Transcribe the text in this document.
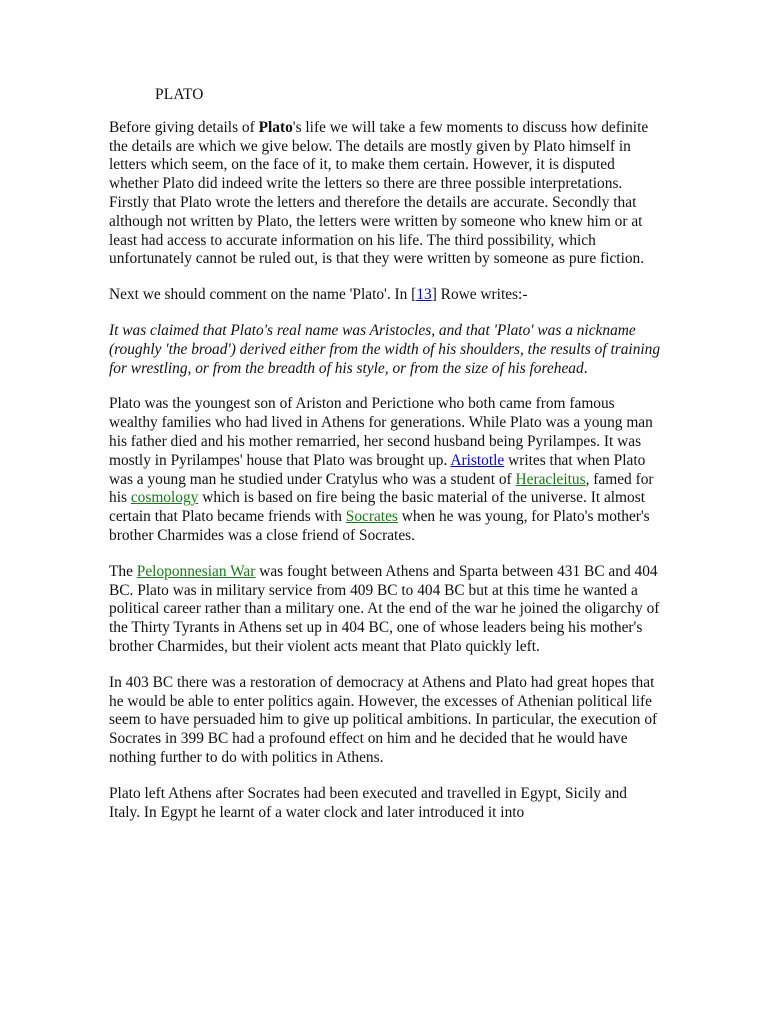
PLATO

Before giving details of Plato's life we will take a few moments to discuss how definite the details are which we give below. The details are mostly given by Plato himself in letters which seem, on the face of it, to make them certain. However, it is disputed whether Plato did indeed write the letters so there are three possible interpretations. Firstly that Plato wrote the letters and therefore the details are accurate. Secondly that although not written by Plato, the letters were written by someone who knew him or at least had access to accurate information on his life. The third possibility, which unfortunately cannot be ruled out, is that they were written by someone as pure fiction.

Next we should comment on the name 'Plato'. In [13] Rowe writes:-

It was claimed that Plato's real name was Aristocles, and that 'Plato' was a nickname (roughly 'the broad') derived either from the width of his shoulders, the results of training for wrestling, or from the breadth of his style, or from the size of his forehead.

Plato was the youngest son of Ariston and Perictione who both came from famous wealthy families who had lived in Athens for generations. While Plato was a young man his father died and his mother remarried, her second husband being Pyrilampes. It was mostly in Pyrilampes' house that Plato was brought up. Aristotle writes that when Plato was a young man he studied under Cratylus who was a student of Heracleitus, famed for his cosmology which is based on fire being the basic material of the universe. It almost certain that Plato became friends with Socrates when he was young, for Plato's mother's brother Charmides was a close friend of Socrates.

The Peloponnesian War was fought between Athens and Sparta between 431 BC and 404 BC. Plato was in military service from 409 BC to 404 BC but at this time he wanted a political career rather than a military one. At the end of the war he joined the oligarchy of the Thirty Tyrants in Athens set up in 404 BC, one of whose leaders being his mother's brother Charmides, but their violent acts meant that Plato quickly left.

In 403 BC there was a restoration of democracy at Athens and Plato had great hopes that he would be able to enter politics again. However, the excesses of Athenian political life seem to have persuaded him to give up political ambitions. In particular, the execution of Socrates in 399 BC had a profound effect on him and he decided that he would have nothing further to do with politics in Athens.

Plato left Athens after Socrates had been executed and travelled in Egypt, Sicily and Italy. In Egypt he learnt of a water clock and later introduced it into
